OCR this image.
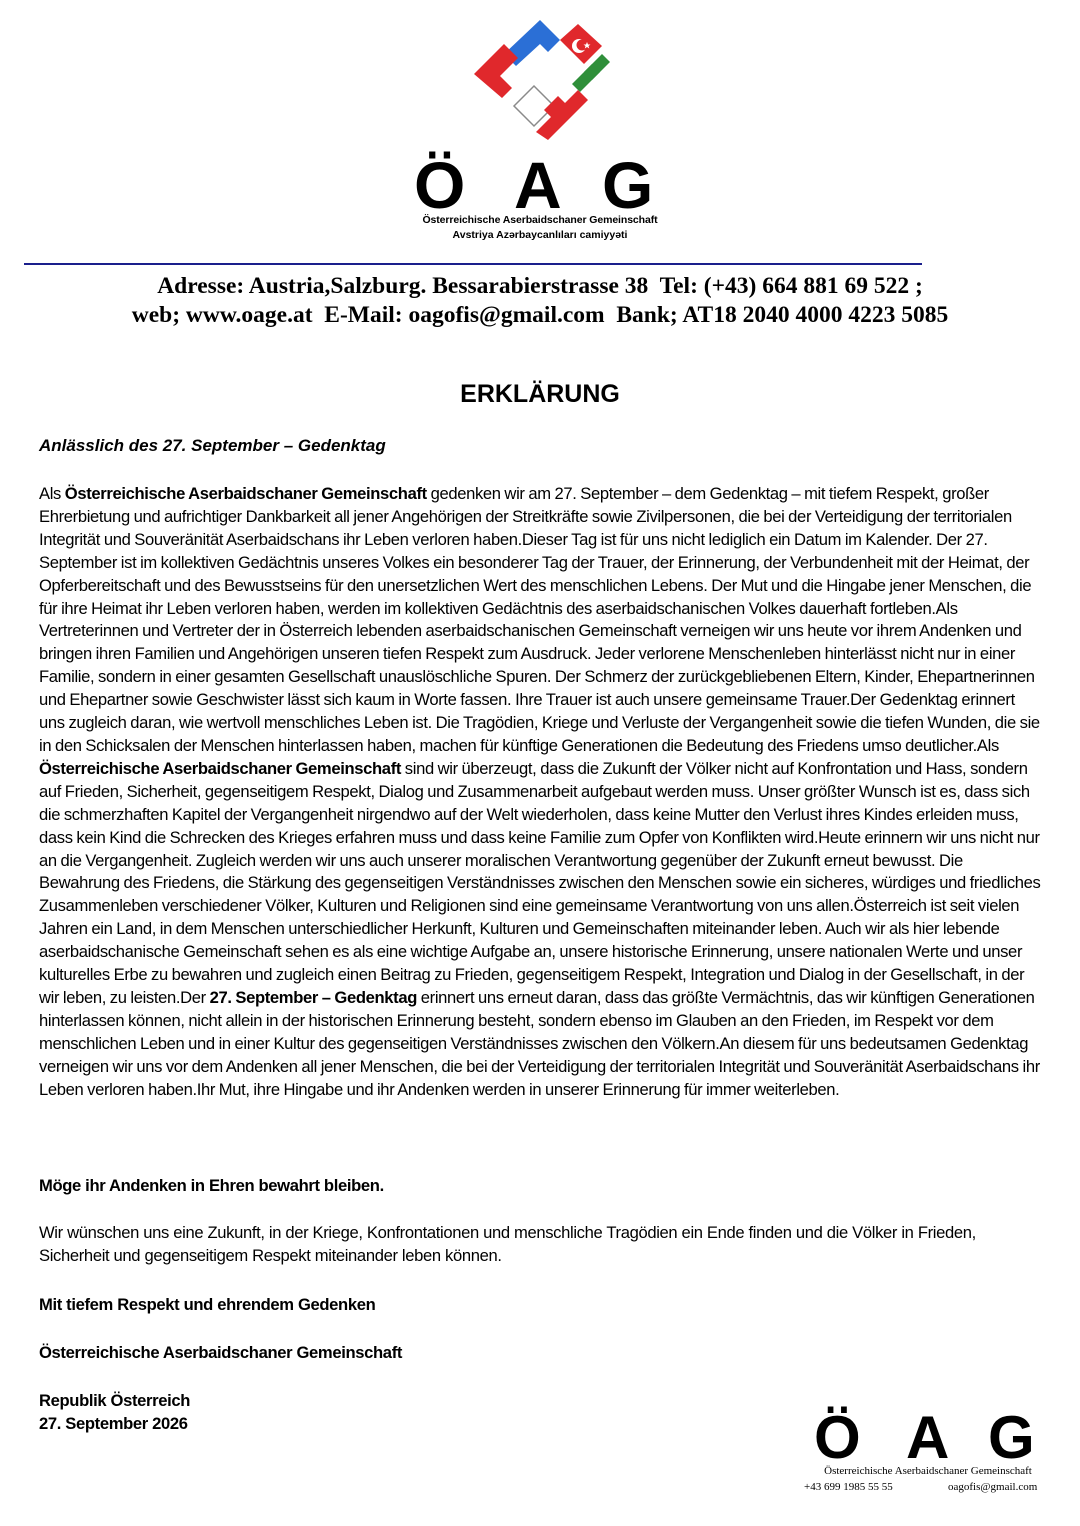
Ö A G
Österreichische Aserbaidschaner Gemeinschaft
Avstriya Azərbaycanlıları camiyyəti
Adresse: Austria,Salzburg. Bessarabierstrasse 38  Tel: (+43) 664 881 69 522 ;
web; www.oage.at  E-Mail: oagofis@gmail.com  Bank; AT18 2040 4000 4223 5085
ERKLÄRUNG
Anlässlich des 27. September – Gedenktag
Als Österreichische Aserbaidschaner Gemeinschaft gedenken wir am 27. September – dem Gedenktag – mit tiefem Respekt, großer Ehrerbietung und aufrichtiger Dankbarkeit all jener Angehörigen der Streitkräfte sowie Zivilpersonen, die bei der Verteidigung der territorialen Integrität und Souveränität Aserbaidschans ihr Leben verloren haben.Dieser Tag ist für uns nicht lediglich ein Datum im Kalender. Der 27. September ist im kollektiven Gedächtnis unseres Volkes ein besonderer Tag der Trauer, der Erinnerung, der Verbundenheit mit der Heimat, der Opferbereitschaft und des Bewusstseins für den unersetzlichen Wert des menschlichen Lebens. Der Mut und die Hingabe jener Menschen, die für ihre Heimat ihr Leben verloren haben, werden im kollektiven Gedächtnis des aserbaidschanischen Volkes dauerhaft fortleben.Als Vertreterinnen und Vertreter der in Österreich lebenden aserbaidschanischen Gemeinschaft verneigen wir uns heute vor ihrem Andenken und bringen ihren Familien und Angehörigen unseren tiefen Respekt zum Ausdruck. Jeder verlorene Menschenleben hinterlässt nicht nur in einer Familie, sondern in einer gesamten Gesellschaft unauslöschliche Spuren. Der Schmerz der zurückgebliebenen Eltern, Kinder, Ehepartnerinnen und Ehepartner sowie Geschwister lässt sich kaum in Worte fassen. Ihre Trauer ist auch unsere gemeinsame Trauer.Der Gedenktag erinnert uns zugleich daran, wie wertvoll menschliches Leben ist. Die Tragödien, Kriege und Verluste der Vergangenheit sowie die tiefen Wunden, die sie in den Schicksalen der Menschen hinterlassen haben, machen für künftige Generationen die Bedeutung des Friedens umso deutlicher.Als Österreichische Aserbaidschaner Gemeinschaft sind wir überzeugt, dass die Zukunft der Völker nicht auf Konfrontation und Hass, sondern auf Frieden, Sicherheit, gegenseitigem Respekt, Dialog und Zusammenarbeit aufgebaut werden muss. Unser größter Wunsch ist es, dass sich die schmerzhaften Kapitel der Vergangenheit nirgendwo auf der Welt wiederholen, dass keine Mutter den Verlust ihres Kindes erleiden muss, dass kein Kind die Schrecken des Krieges erfahren muss und dass keine Familie zum Opfer von Konflikten wird.Heute erinnern wir uns nicht nur an die Vergangenheit. Zugleich werden wir uns auch unserer moralischen Verantwortung gegenüber der Zukunft erneut bewusst. Die Bewahrung des Friedens, die Stärkung des gegenseitigen Verständnisses zwischen den Menschen sowie ein sicheres, würdiges und friedliches Zusammenleben verschiedener Völker, Kulturen und Religionen sind eine gemeinsame Verantwortung von uns allen.Österreich ist seit vielen Jahren ein Land, in dem Menschen unterschiedlicher Herkunft, Kulturen und Gemeinschaften miteinander leben. Auch wir als hier lebende aserbaidschanische Gemeinschaft sehen es als eine wichtige Aufgabe an, unsere historische Erinnerung, unsere nationalen Werte und unser kulturelles Erbe zu bewahren und zugleich einen Beitrag zu Frieden, gegenseitigem Respekt, Integration und Dialog in der Gesellschaft, in der wir leben, zu leisten.Der 27. September – Gedenktag erinnert uns erneut daran, dass das größte Vermächtnis, das wir künftigen Generationen hinterlassen können, nicht allein in der historischen Erinnerung besteht, sondern ebenso im Glauben an den Frieden, im Respekt vor dem menschlichen Leben und in einer Kultur des gegenseitigen Verständnisses zwischen den Völkern.An diesem für uns bedeutsamen Gedenktag verneigen wir uns vor dem Andenken all jener Menschen, die bei der Verteidigung der territorialen Integrität und Souveränität Aserbaidschans ihr Leben verloren haben.Ihr Mut, ihre Hingabe und ihr Andenken werden in unserer Erinnerung für immer weiterleben.
Möge ihr Andenken in Ehren bewahrt bleiben.
Wir wünschen uns eine Zukunft, in der Kriege, Konfrontationen und menschliche Tragödien ein Ende finden und die Völker in Frieden, Sicherheit und gegenseitigem Respekt miteinander leben können.
Mit tiefem Respekt und ehrendem Gedenken
Österreichische Aserbaidschaner Gemeinschaft
Republik Österreich
27. September 2026	Ö A G
Österreichische Aserbaidschaner Gemeinschaft
+43 699 1985 55 55	oagofis@gmail.com
